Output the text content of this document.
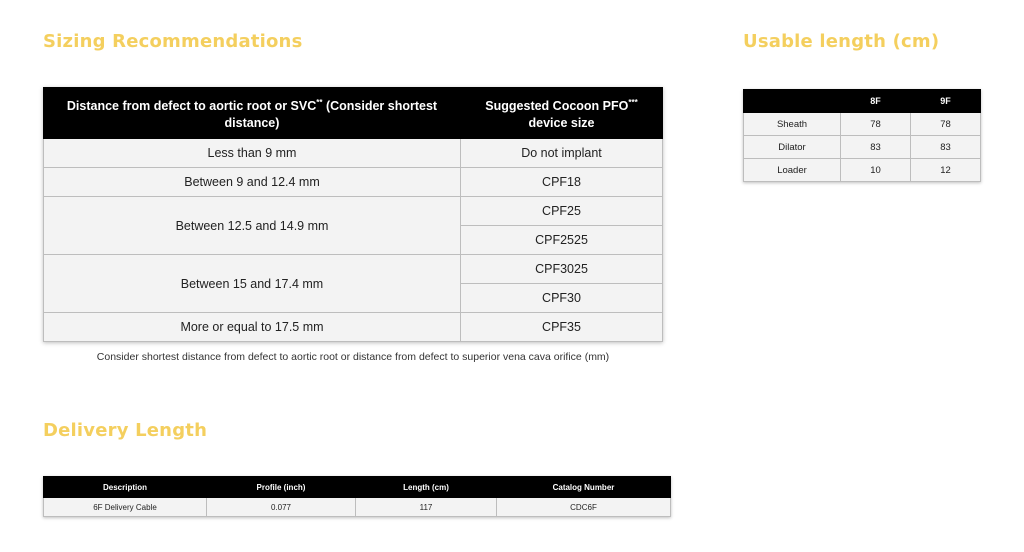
Sizing Recommendations	Usable length (cm)
Delivery Length
Distance from defect to aortic root or SVC** (Consider shortest distance)	Suggested Cocoon PFO*** device size
Less than 9 mm	Do not implant
Between 9 and 12.4 mm	CPF18
Between 12.5 and 14.9 mm	CPF25
	CPF2525
Between 15 and 17.4 mm	CPF3025
	CPF30
More or equal to 17.5 mm	CPF35

Consider shortest distance from defect to aortic root or distance from defect to superior vena cava orifice (mm)

	8F	9F
Sheath	78	78
Dilator	83	83
Loader	10	12
Description	Profile (inch)	Length (cm)	Catalog Number
6F Delivery Cable	0.077	117	CDC6F
